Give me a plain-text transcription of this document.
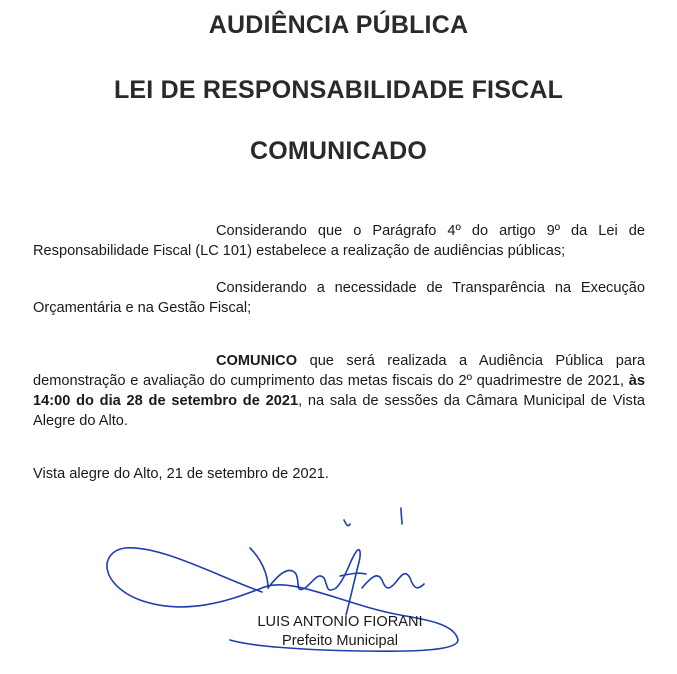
AUDIÊNCIA PÚBLICA
LEI DE RESPONSABILIDADE FISCAL
COMUNICADO

Considerando que o Parágrafo 4º do artigo 9º da Lei de Responsabilidade Fiscal (LC 101) estabelece a realização de audiências públicas;

Considerando a necessidade de Transparência na Execução Orçamentária e na Gestão Fiscal;

COMUNICO que será realizada a Audiência Pública para demonstração e avaliação do cumprimento das metas fiscais do 2º quadrimestre de 2021, às 14:00 do dia 28 de setembro de 2021, na sala de sessões da Câmara Municipal de Vista Alegre do Alto.

Vista alegre do Alto, 21 de setembro de 2021.

LUIS ANTONIO FIORANI

Prefeito Municipal
